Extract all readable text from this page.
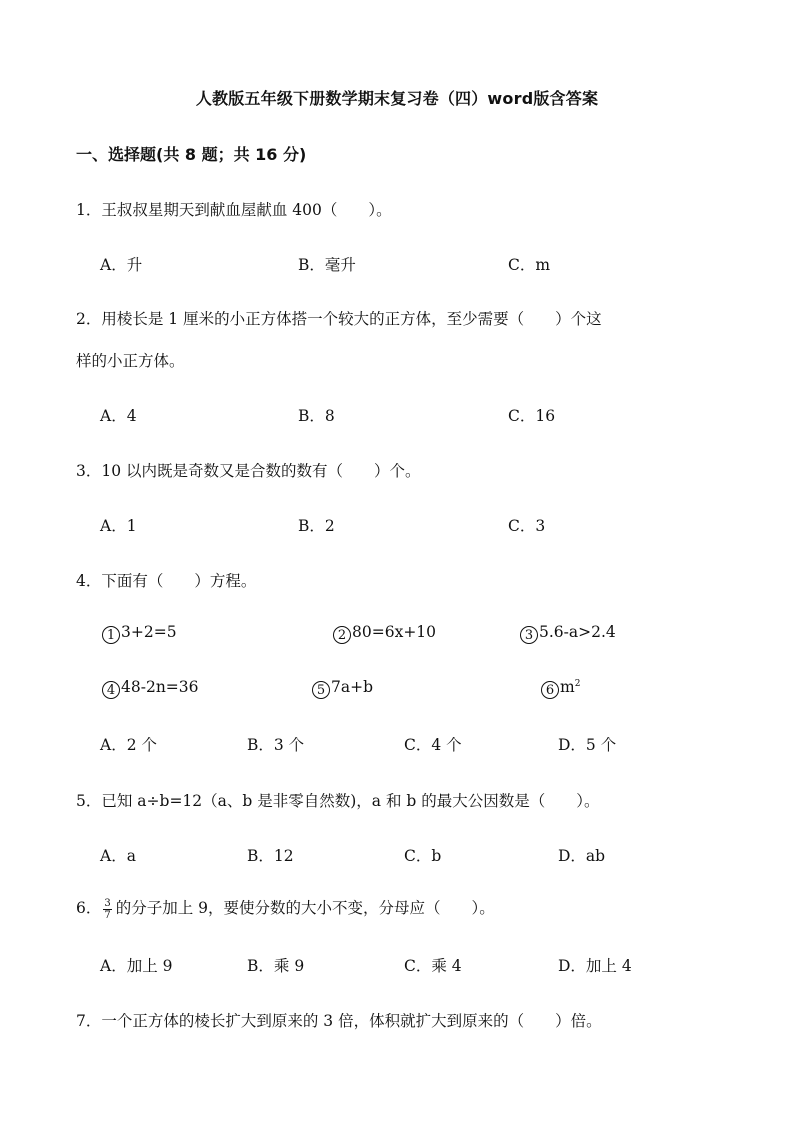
人教版五年级下册数学期末复习卷（四）word版含答案
一、选择题(共 8 题；共 16 分)
1．王叔叔星期天到献血屋献血 400（　　）。
A．升	B．毫升	C．m
2．用棱长是 1 厘米的小正方体搭一个较大的正方体，至少需要（　　）个这
样的小正方体。
A．4	B．8	C．16
3．10 以内既是奇数又是合数的数有（　　）个。
A．1	B．2	C．3
4．下面有（　　）方程。
1 3+2=5	2 80=6x+10	3 5.6-a>2.4
4 48-2n=36	5 7a+b	6 $m^2$
A．2 个	B．3 个	C．4 个	D．5 个
5．已知 a÷b=12（a、b 是非零自然数)，a 和 b 的最大公因数是（　　）。
A．a	B．12	C．b	D．ab
6． $\frac{3}{7}$ 的分子加上 9，要使分数的大小不变，分母应（　　）。
A．加上 9	B．乘 9	C．乘 4	D．加上 4
7．一个正方体的棱长扩大到原来的 3 倍，体积就扩大到原来的（　　）倍。
